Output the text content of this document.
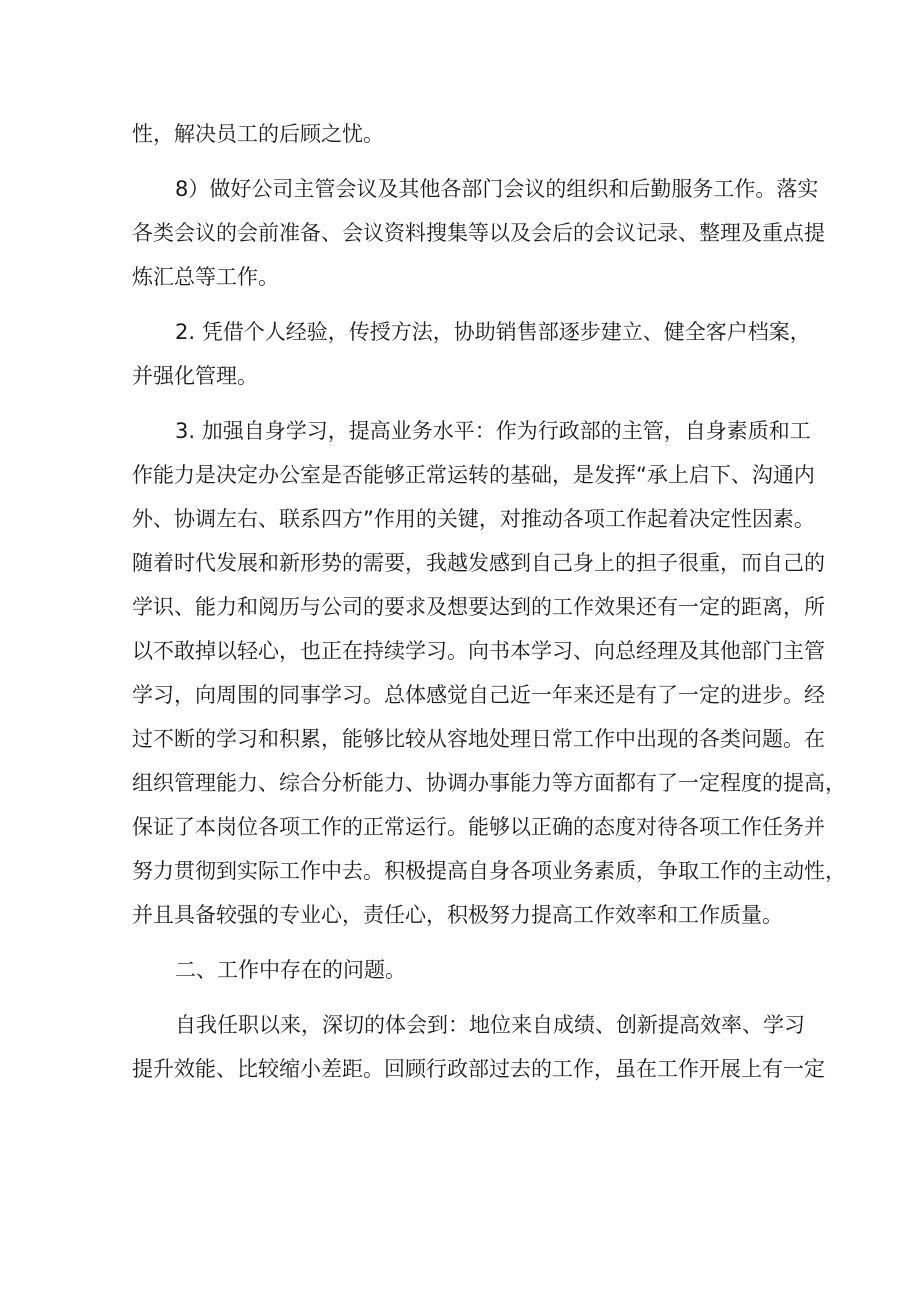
性，解决员工的后顾之忧。
8）做好公司主管会议及其他各部门会议的组织和后勤服务工作。落实
各类会议的会前准备、会议资料搜集等以及会后的会议记录、整理及重点提
炼汇总等工作。
2. 凭借个人经验，传授方法，协助销售部逐步建立、健全客户档案，
并强化管理。
3. 加强自身学习，提高业务水平：作为行政部的主管，自身素质和工
作能力是决定办公室是否能够正常运转的基础，是发挥“承上启下、沟通内
外、协调左右、联系四方”作用的关键，对推动各项工作起着决定性因素。
随着时代发展和新形势的需要，我越发感到自己身上的担子很重，而自己的
学识、能力和阅历与公司的要求及想要达到的工作效果还有一定的距离，所
以不敢掉以轻心，也正在持续学习。向书本学习、向总经理及其他部门主管
学习，向周围的同事学习。总体感觉自己近一年来还是有了一定的进步。经
过不断的学习和积累，能够比较从容地处理日常工作中出现的各类问题。在
组织管理能力、综合分析能力、协调办事能力等方面都有了一定程度的提高，
保证了本岗位各项工作的正常运行。能够以正确的态度对待各项工作任务并
努力贯彻到实际工作中去。积极提高自身各项业务素质，争取工作的主动性，
并且具备较强的专业心，责任心，积极努力提高工作效率和工作质量。
二、工作中存在的问题。
自我任职以来，深切的体会到：地位来自成绩、创新提高效率、学习
提升效能、比较缩小差距。回顾行政部过去的工作，虽在工作开展上有一定
